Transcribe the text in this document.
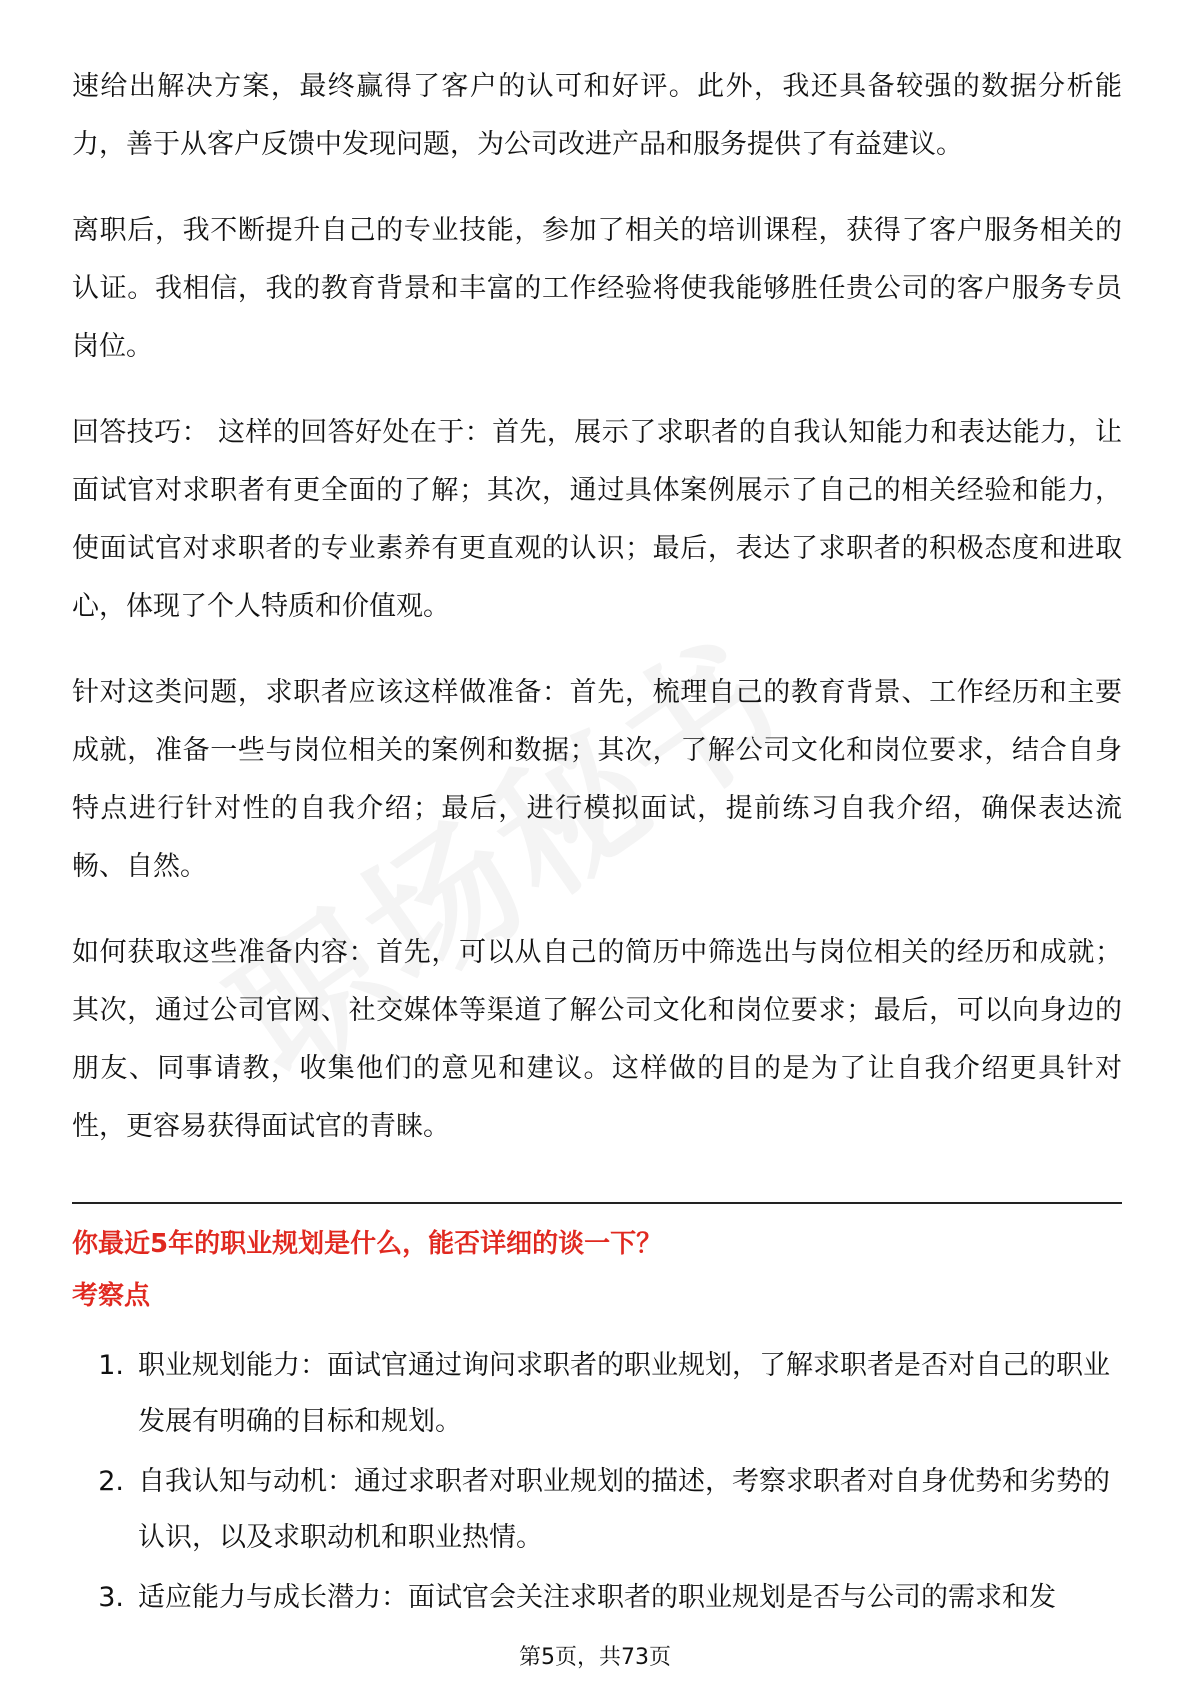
速给出解决方案，最终赢得了客户的认可和好评。此外，我还具备较强的数据分析能力，善于从客户反馈中发现问题，为公司改进产品和服务提供了有益建议。

离职后，我不断提升自己的专业技能，参加了相关的培训课程，获得了客户服务相关的认证。我相信，我的教育背景和丰富的工作经验将使我能够胜任贵公司的客户服务专员岗位。

回答技巧： 这样的回答好处在于：首先，展示了求职者的自我认知能力和表达能力，让面试官对求职者有更全面的了解；其次，通过具体案例展示了自己的相关经验和能力，使面试官对求职者的专业素养有更直观的认识；最后，表达了求职者的积极态度和进取心，体现了个人特质和价值观。

针对这类问题，求职者应该这样做准备：首先，梳理自己的教育背景、工作经历和主要成就，准备一些与岗位相关的案例和数据；其次，了解公司文化和岗位要求，结合自身特点进行针对性的自我介绍；最后，进行模拟面试，提前练习自我介绍，确保表达流畅、自然。

如何获取这些准备内容：首先，可以从自己的简历中筛选出与岗位相关的经历和成就；其次，通过公司官网、社交媒体等渠道了解公司文化和岗位要求；最后，可以向身边的朋友、同事请教，收集他们的意见和建议。这样做的目的是为了让自我介绍更具针对性，更容易获得面试官的青睐。

你最近5年的职业规划是什么，能否详细的谈一下？

考察点

1. 职业规划能力：面试官通过询问求职者的职业规划，了解求职者是否对自己的职业发展有明确的目标和规划。
2. 自我认知与动机：通过求职者对职业规划的描述，考察求职者对自身优势和劣势的认识，以及求职动机和职业热情。
3. 适应能力与成长潜力：面试官会关注求职者的职业规划是否与公司的需求和发
第5页，共73页
